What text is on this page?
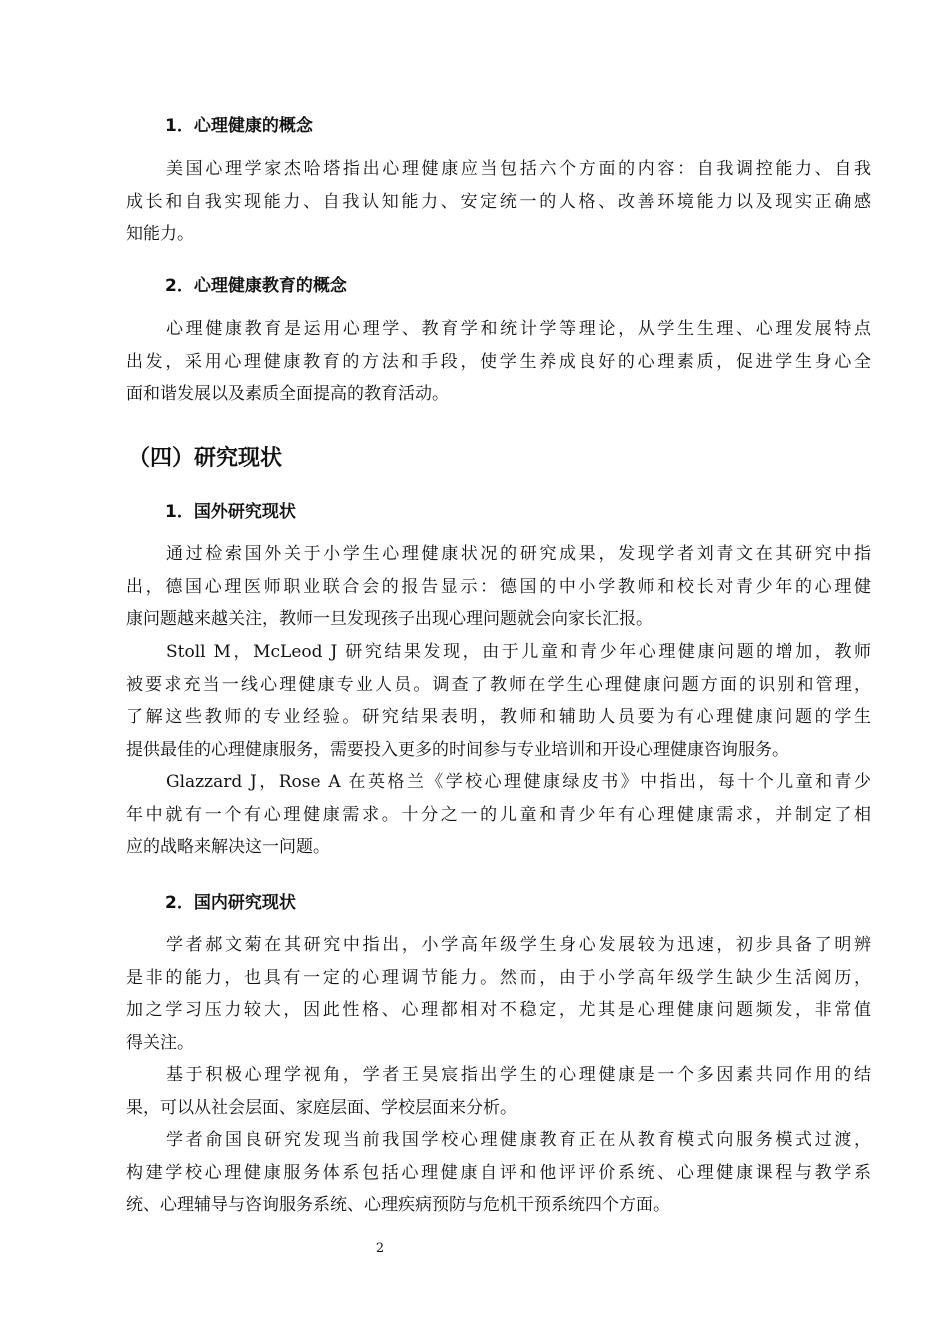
1．心理健康的概念
美国心理学家杰哈塔指出心理健康应当包括六个方面的内容：自我调控能力、自我
成长和自我实现能力、自我认知能力、安定统一的人格、改善环境能力以及现实正确感
知能力。
2．心理健康教育的概念
心理健康教育是运用心理学、教育学和统计学等理论，从学生生理、心理发展特点
出发，采用心理健康教育的方法和手段，使学生养成良好的心理素质，促进学生身心全
面和谐发展以及素质全面提高的教育活动。
（四）研究现状
1．国外研究现状
通过检索国外关于小学生心理健康状况的研究成果，发现学者刘青文在其研究中指
出，德国心理医师职业联合会的报告显示：德国的中小学教师和校长对青少年的心理健
康问题越来越关注，教师一旦发现孩子出现心理问题就会向家长汇报。
Stoll M，McLeod J 研究结果发现，由于儿童和青少年心理健康问题的增加，教师
被要求充当一线心理健康专业人员。调查了教师在学生心理健康问题方面的识别和管理，
了解这些教师的专业经验。研究结果表明，教师和辅助人员要为有心理健康问题的学生
提供最佳的心理健康服务，需要投入更多的时间参与专业培训和开设心理健康咨询服务。
Glazzard J，Rose A 在英格兰《学校心理健康绿皮书》中指出，每十个儿童和青少
年中就有一个有心理健康需求。十分之一的儿童和青少年有心理健康需求，并制定了相
应的战略来解决这一问题。
2．国内研究现状
学者郝文菊在其研究中指出，小学高年级学生身心发展较为迅速，初步具备了明辨
是非的能力，也具有一定的心理调节能力。然而，由于小学高年级学生缺少生活阅历，
加之学习压力较大，因此性格、心理都相对不稳定，尤其是心理健康问题频发，非常值
得关注。
基于积极心理学视角，学者王昊宸指出学生的心理健康是一个多因素共同作用的结
果，可以从社会层面、家庭层面、学校层面来分析。
学者俞国良研究发现当前我国学校心理健康教育正在从教育模式向服务模式过渡，
构建学校心理健康服务体系包括心理健康自评和他评评价系统、心理健康课程与教学系
统、心理辅导与咨询服务系统、心理疾病预防与危机干预系统四个方面。
2
